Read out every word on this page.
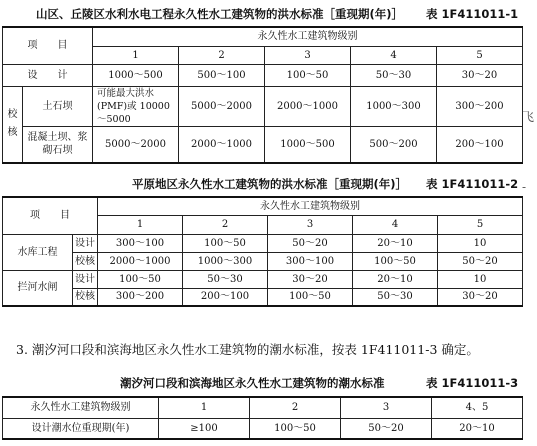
山区、丘陵区水利水电工程永久性水工建筑物的洪水标准［重现期(年)］ 表 1F411011-1
项　　目		永久性水工建筑物级别				
		1	2	3	4	5
设　　计		1000～500	500～100	100～50	50～30	30～20
校核	土石坝	可能最大洪水(PMF)或 10000～5000	5000～2000	2000～1000	1000～300	300～200
	混凝土坝、浆砌石坝	5000～2000	2000～1000	1000～500	500～200	200～100
飞
平原地区永久性水工建筑物的洪水标准［重现期(年)］ 表 1F411011-2 -
项　　目		永久性水工建筑物级别				
		1	2	3	4	5
水库工程	设计	300～100	100～50	50～20	20～10	10
	校核	2000～1000	1000～300	300～100	100～50	50～20
拦河水闸	设计	100～50	50～30	30～20	20～10	10
	校核	300～200	200～100	100～50	50～30	30～20
3. 潮汐河口段和滨海地区永久性水工建筑物的潮水标准，按表 1F411011-3 确定。
潮汐河口段和滨海地区永久性水工建筑物的潮水标准	表 1F411011-3
永久性水工建筑物级别	1	2	3	4、5
设计潮水位重现期(年)	≥100	100～50	50～20	20～10
